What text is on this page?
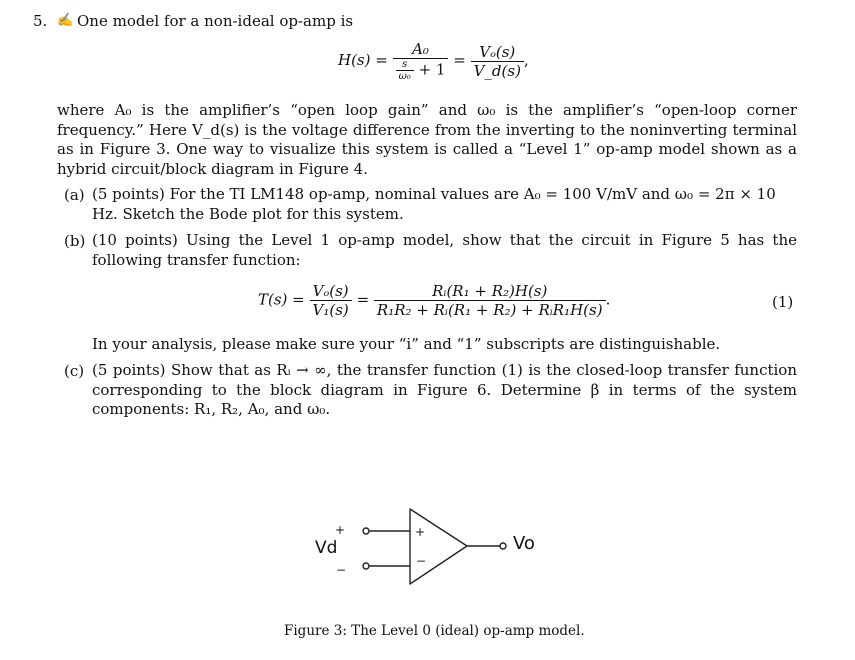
5. ✍ One model for a non-ideal op-amp is
$H(s) = \frac{\text{A₀}}{\frac{s}{\text{ω₀}} + 1} = \frac{\text{Vₒ(s)}}{V\_d(s)}$ ,
where A₀ is the amplifier’s “open loop gain” and ω₀ is the amplifier’s “open-loop corner frequency.” Here V_d(s) is the voltage difference from the inverting to the noninverting terminal as in Figure 3. One way to visualize this system is called a “Level 1” op-amp model shown as a hybrid circuit/block diagram in Figure 4.
(a) (5 points) For the TI LM148 op-amp, nominal values are A₀ = 100 V/mV and ω₀ = 2π × 10 Hz. Sketch the Bode plot for this system.
(b) (10 points) Using the Level 1 op-amp model, show that the circuit in Figure 5 has the following transfer function:
$T(s) = \frac{\text{Vₒ(s)}}{\text{V₁(s)}} = \frac{\text{Rᵢ(R₁ + R₂)H(s)}}{\text{R₁R₂ + Rᵢ(R₁ + R₂) + RᵢR₁H(s)}}$ .	(1)
In your analysis, please make sure your “i” and “1” subscripts are distinguishable.
(c) (5 points) Show that as Rᵢ → ∞, the transfer function (1) is the closed-loop transfer function corresponding to the block diagram in Figure 6. Determine β in terms of the system components: R₁, R₂, A₀, and ω₀.
Vd
+
−
+
−
Vo
Figure 3: The Level 0 (ideal) op-amp model.
